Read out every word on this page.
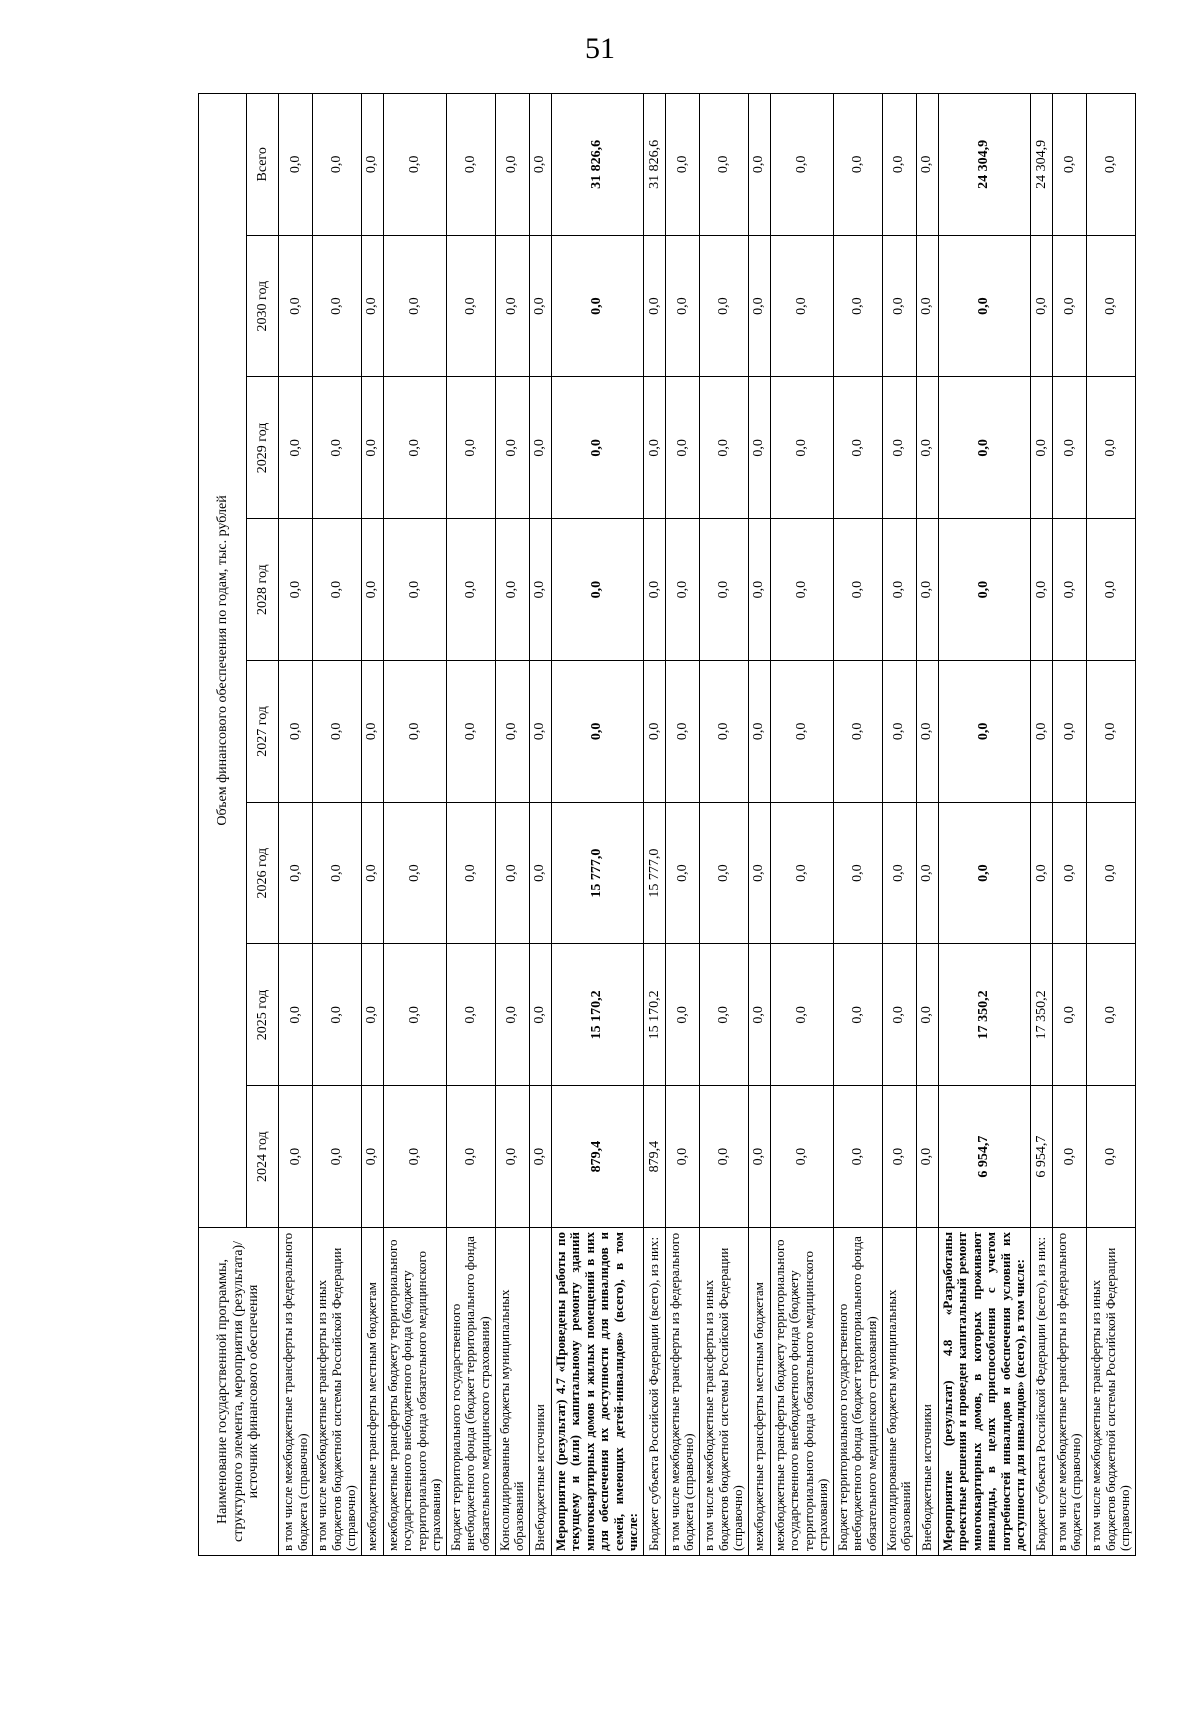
51
Наименование государственной программы, структурного элемента, мероприятия (результата)/источник финансового обеспечения	Объем финансового обеспечения по годам, тыс. рублей							
	2024 год	2025 год	2026 год	2027 год	2028 год	2029 год	2030 год	Всего
в том числе межбюджетные трансферты из федерального бюджета (справочно)	0,0	0,0	0,0	0,0	0,0	0,0	0,0	0,0
в том числе межбюджетные трансферты из иных бюджетов бюджетной системы Российской Федерации (справочно)	0,0	0,0	0,0	0,0	0,0	0,0	0,0	0,0
межбюджетные трансферты местным бюджетам	0,0	0,0	0,0	0,0	0,0	0,0	0,0	0,0
межбюджетные трансферты бюджету территориального государственного внебюджетного фонда (бюджету территориального фонда обязательного медицинского страхования)	0,0	0,0	0,0	0,0	0,0	0,0	0,0	0,0
Бюджет территориального государственного внебюджетного фонда (бюджет территориального фонда обязательного медицинского страхования)	0,0	0,0	0,0	0,0	0,0	0,0	0,0	0,0
Консолидированные бюджеты муниципальных образований	0,0	0,0	0,0	0,0	0,0	0,0	0,0	0,0
Внебюджетные источники	0,0	0,0	0,0	0,0	0,0	0,0	0,0	0,0
Мероприятие (результат) 4.7 «Проведены работы по текущему и (или) капитальному ремонту зданий многоквартирных домов и жилых помещений в них для обеспечения их доступности для инвалидов и семей, имеющих детей-инвалидов» (всего), в том числе:	879,4	15 170,2	15 777,0	0,0	0,0	0,0	0,0	31 826,6
Бюджет субъекта Российской Федерации (всего), из них:	879,4	15 170,2	15 777,0	0,0	0,0	0,0	0,0	31 826,6
в том числе межбюджетные трансферты из федерального бюджета (справочно)	0,0	0,0	0,0	0,0	0,0	0,0	0,0	0,0
в том числе межбюджетные трансферты из иных бюджетов бюджетной системы Российской Федерации (справочно)	0,0	0,0	0,0	0,0	0,0	0,0	0,0	0,0
межбюджетные трансферты местным бюджетам	0,0	0,0	0,0	0,0	0,0	0,0	0,0	0,0
межбюджетные трансферты бюджету территориального государственного внебюджетного фонда (бюджету территориального фонда обязательного медицинского страхования)	0,0	0,0	0,0	0,0	0,0	0,0	0,0	0,0
Бюджет территориального государственного внебюджетного фонда (бюджет территориального фонда обязательного медицинского страхования)	0,0	0,0	0,0	0,0	0,0	0,0	0,0	0,0
Консолидированные бюджеты муниципальных образований	0,0	0,0	0,0	0,0	0,0	0,0	0,0	0,0
Внебюджетные источники	0,0	0,0	0,0	0,0	0,0	0,0	0,0	0,0
Мероприятие (результат) 4.8 «Разработаны проектные решения и проведен капитальный ремонт многоквартирных домов, в которых проживают инвалиды, в целях приспособления с учетом потребностей инвалидов и обеспечения условий их доступности для инвалидов» (всего), в том числе:	6 954,7	17 350,2	0,0	0,0	0,0	0,0	0,0	24 304,9
Бюджет субъекта Российской Федерации (всего), из них:	6 954,7	17 350,2	0,0	0,0	0,0	0,0	0,0	24 304,9
в том числе межбюджетные трансферты из федерального бюджета (справочно)	0,0	0,0	0,0	0,0	0,0	0,0	0,0	0,0
в том числе межбюджетные трансферты из иных бюджетов бюджетной системы Российской Федерации (справочно)	0,0	0,0	0,0	0,0	0,0	0,0	0,0	0,0
